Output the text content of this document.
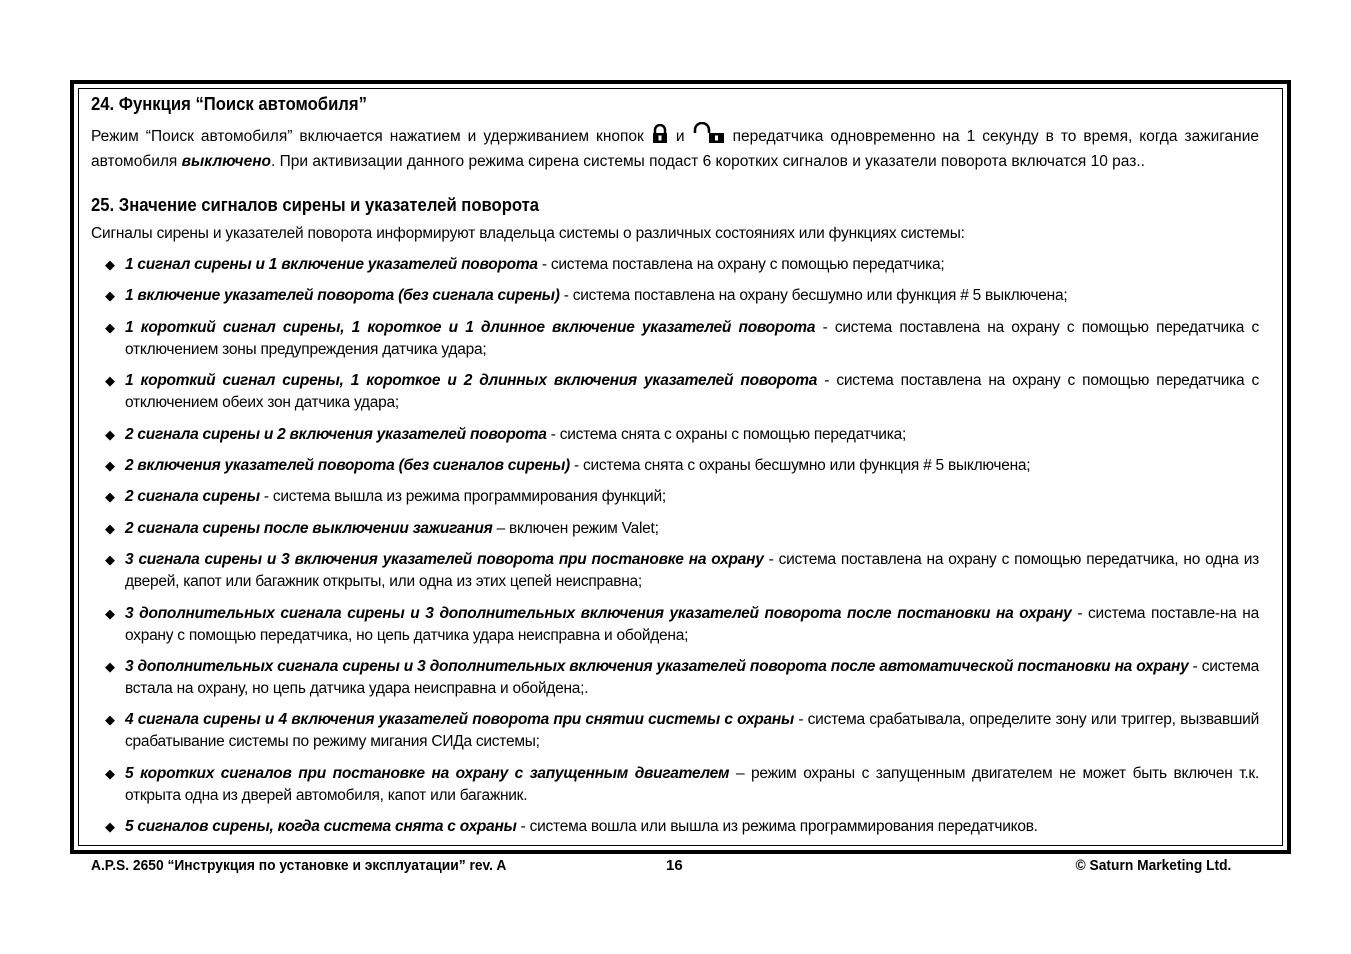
24. Функция “Поиск автомобиля”

Режим “Поиск автомобиля” включается нажатием и удерживанием кнопок и	передатчика одновременно на 1 секунду в то время, когда зажигание автомобиля выключено. При активизации данного режима сирена системы подаст 6 коротких сигналов и указатели поворота включатся 10 раз..

25. Значение сигналов сирены и указателей поворота

Сигналы сирены и указателей поворота информируют владельца системы о различных состояниях или функциях системы:

◆ 1 сигнал сирены и 1 включение указателей поворота - система поставлена на охрану с помощью передатчика;
◆ 1 включение указателей поворота (без сигнала сирены) - система поставлена на охрану бесшумно или функция # 5 выключена;
◆ 1 короткий сигнал сирены, 1 короткое и 1 длинное включение указателей поворота - система поставлена на охрану с помощью передатчика с отключением зоны предупреждения датчика удара;
◆ 1 короткий сигнал сирены, 1 короткое и 2 длинных включения указателей поворота - система поставлена на охрану с помощью передатчика с отключением обеих зон датчика удара;
◆ 2 сигнала сирены и 2 включения указателей поворота - система снята с охраны с помощью передатчика;
◆ 2 включения указателей поворота (без сигналов сирены) - система снята с охраны бесшумно или функция # 5 выключена;
◆ 2 сигнала сирены - система вышла из режима программирования функций;
◆ 2 сигнала сирены после выключении зажигания – включен режим Valet;
◆ 3 сигнала сирены и 3 включения указателей поворота при постановке на охрану - система поставлена на охрану с помощью передатчика, но одна из дверей, капот или багажник открыты, или одна из этих цепей неисправна;
◆ 3 дополнительных сигнала сирены и 3 дополнительных включения указателей поворота после постановки на охрану - система поставле-на на охрану с помощью передатчика, но цепь датчика удара неисправна и обойдена;
◆ 3 дополнительных сигнала сирены и 3 дополнительных включения указателей поворота после автоматической постановки на охрану - система встала на охрану, но цепь датчика удара неисправна и обойдена;.
◆ 4 сигнала сирены и 4 включения указателей поворота при снятии системы с охраны - система срабатывала, определите зону или триггер, вызвавший срабатывание системы по режиму мигания СИДа системы;
◆ 5 коротких сигналов при постановке на охрану с запущенным двигателем – режим охраны с запущенным двигателем не может быть включен т.к. открыта одна из дверей автомобиля, капот или багажник.
◆ 5 сигналов сирены, когда система снята с охраны - система вошла или вышла из режима программирования передатчиков.
A.P.S. 2650 “Инструкция по установке и эксплуатации” rev. A	16	© Saturn Marketing Ltd.
